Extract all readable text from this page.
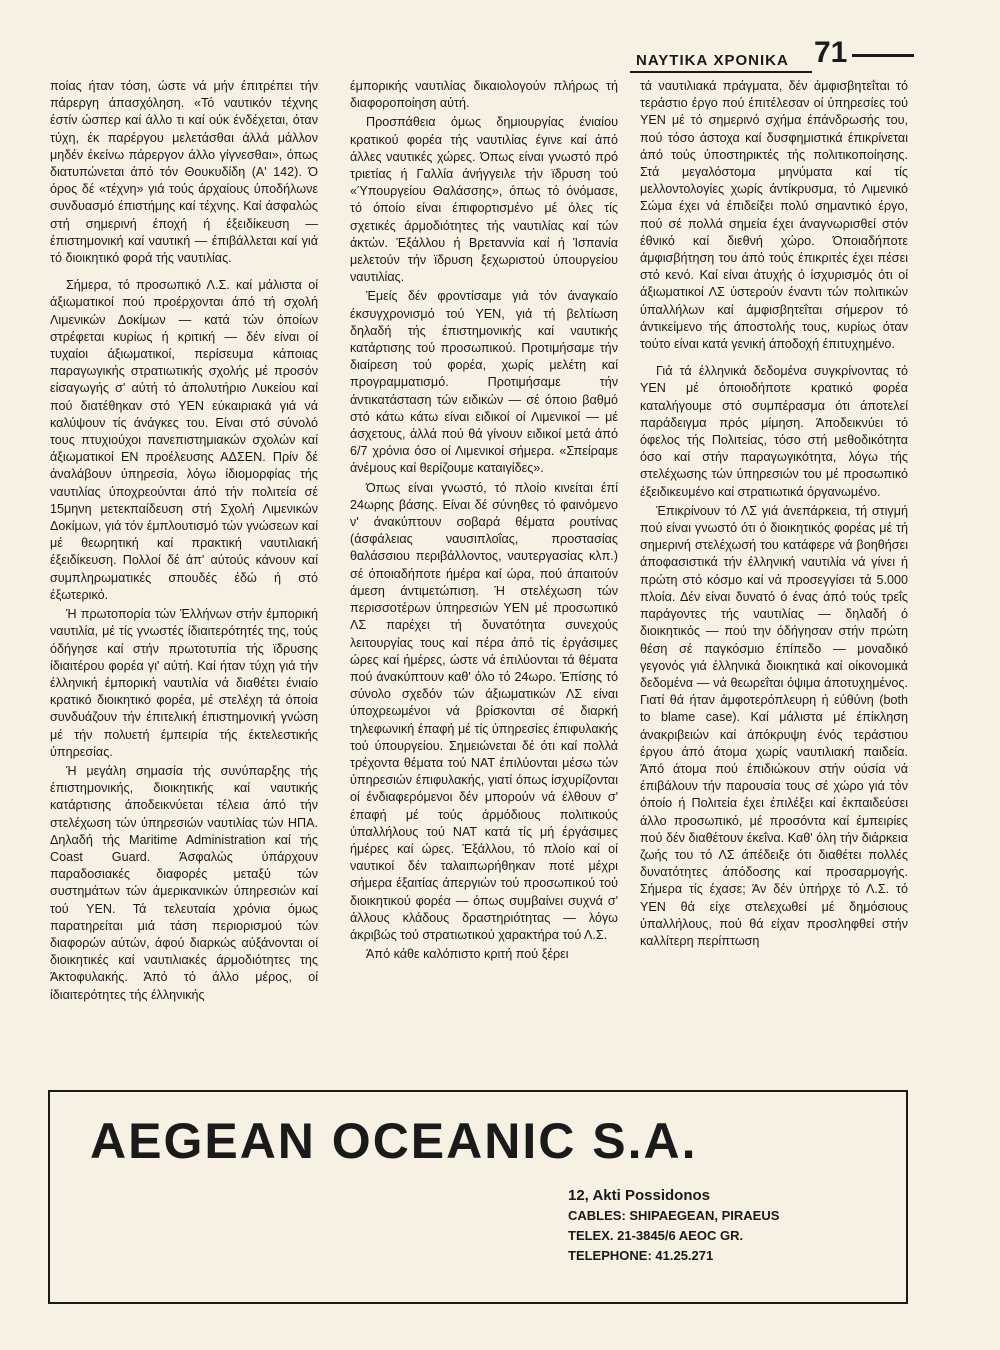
ΝΑΥΤΙΚΑ ΧΡΟΝΙΚΑ 71

ποίας ήταν τόση, ώστε νά μήν έπιτρέπει τήν πάρεργη άπασχόληση. «Τό ναυτικόν τέχνης έστίν ώσπερ καί άλλο τι καί ούκ ένδέχεται, όταν τύχη, έκ παρέργου μελετάσθαι άλλά μάλλον μηδέν έκείνω πάρεργον άλλο γίγνεσθαι», όπως διατυπώνεται άπό τόν Θουκυδίδη (Α' 142). Ό όρος δέ «τέχνη» γιά τούς άρχαίους ύποδήλωνε συνδυασμό έπιστήμης καί τέχνης. Καί άσφαλώς στή σημερινή έποχή ή έξειδίκευση — έπιστημονική καί ναυτική — έπιβάλλεται καί γιά τό διοικητικό φορά τής ναυτιλίας.

Σήμερα, τό προσωπικό Λ.Σ. καί μάλιστα οί άξιωματικοί πού προέρχονται άπό τή σχολή Λιμενικών Δοκίμων — κατά τών όποίων στρέφεται κυρίως ή κριτική — δέν είναι οί τυχαίοι άξιωματικοί, περίσευμα κάποιας παραγωγικής στρατιωτικής σχολής μέ προσόν είσαγωγής σ' αύτή τό άπολυτήριο Λυκείου καί πού διατέθηκαν στό ΥΕΝ εύκαιριακά γιά νά καλύψουν τίς άνάγκες του. Είναι στό σύνολό τους πτυχιούχοι πανεπιστημιακών σχολών καί άξιωματικοί ΕΝ προέλευσης ΑΔΣΕΝ. Πρίν δέ άναλάβουν ύπηρεσία, λόγω ίδιομορφίας τής ναυτιλίας ύποχρεούνται άπό τήν πολιτεία σέ 15μηνη μετεκπαίδευση στή Σχολή Λιμενικών Δοκίμων, γιά τόν έμπλουτισμό τών γνώσεων καί μέ θεωρητική καί πρακτική ναυτιλιακή έξειδίκευση. Πολλοί δέ άπ' αύτούς κάνουν καί συμπληρωματικές σπουδές έδώ ή στό έξωτερικό.

Ή πρωτοπορία τών Έλλήνων στήν έμπορική ναυτιλία, μέ τίς γνωστές ίδιαιτερότητές της, τούς όδήγησε καί στήν πρωτοτυπία τής ϊδρυσης ίδιαιτέρου φορέα γι' αύτή. Καί ήταν τύχη γιά τήν έλληνική έμπορική ναυτιλία νά διαθέτει ένιαίο κρατικό διοικητικό φορέα, μέ στελέχη τά όποία συνδυάζουν τήν έπιτελική έπιστημονική γνώση μέ τήν πολυετή έμπειρία τής έκτελεστικής ύπηρεσίας.

Ή μεγάλη σημασία τής συνύπαρξης τής έπιστημονικής, διοικητικής καί ναυτικής κατάρτισης άποδεικνύεται τέλεια άπό τήν στελέχωση τών ύπηρεσιών ναυτιλίας τών ΗΠΑ. Δηλαδή τής Maritime Administration καί τής Coast Guard. Άσφαλώς ύπάρχουν παραδοσιακές διαφορές μεταξύ τών συστημάτων τών άμερικανικών ύπηρεσιών καί τού ΥΕΝ. Τά τελευταία χρόνια όμως παρατηρείται μιά τάση περιορισμού τών διαφορών αύτών, άφού διαρκώς αύξάνονται οί διοικητικές καί ναυτιλιακές άρμοδιότητες της Άκτοφυλακής. Άπό τό άλλο μέρος, οί ίδιαιτερότητες τής έλληνικής

έμπορικής ναυτιλίας δικαιολογούν πλήρως τή διαφοροποίηση αύτή.

Προσπάθεια όμως δημιουργίας ένιαίου κρατικού φορέα τής ναυτιλίας έγινε καί άπό άλλες ναυτικές χώρες. Όπως είναι γνωστό πρό τριετίας ή Γαλλία άνήγγειλε τήν ϊδρυση τού «Ύπουργείου Θαλάσσης», όπως τό όνόμασε, τό όποίο είναι έπιφορτισμένο μέ όλες τίς σχετικές άρμοδιότητες τής ναυτιλίας καί τών άκτών. Έξάλλου ή Βρεταννία καί ή Ίσπανία μελετούν τήν ϊδρυση ξεχωριστού ύπουργείου ναυτιλίας.

Έμείς δέν φροντίσαμε γιά τόν άναγκαίο έκσυγχρονισμό τού ΥΕΝ, γιά τή βελτίωση δηλαδή τής έπιστημονικής καί ναυτικής κατάρτισης τού προσωπικού. Προτιμήσαμε τήν διαίρεση τού φορέα, χωρίς μελέτη καί προγραμματισμό. Προτιμήσαμε τήν άντικατάσταση τών ειδικών — σέ όποιο βαθμό στό κάτω κάτω είναι ειδικοί οί Λιμενικοί — μέ άσχετους, άλλά πού θά γίνουν ειδικοί μετά άπό 6/7 χρόνια όσο οί Λιμενικοί σήμερα. «Σπείραμε άνέμους καί θερίζουμε καταιγίδες».

Όπως είναι γνωστό, τό πλοίο κινείται έπί 24ωρης βάσης. Είναι δέ σύνηθες τό φαινόμενο ν' άνακύπτουν σοβαρά θέματα ρουτίνας (άσφάλειας ναυσιπλοΐας, προστασίας θαλάσσιου περιβάλλοντος, ναυτεργασίας κλπ.) σέ όποιαδήποτε ήμέρα καί ώρα, πού άπαιτούν άμεση άντιμετώπιση. Ή στελέχωση τών περισσοτέρων ύπηρεσιών ΥΕΝ μέ προσωπικό ΛΣ παρέχει τή δυνατότητα συνεχούς λειτουργίας τους καί πέρα άπό τίς έργάσιμες ώρες καί ήμέρες, ώστε νά έπιλύονται τά θέματα πού άνακύπτουν καθ' όλο τό 24ωρο. Έπίσης τό σύνολο σχεδόν τών άξιωματικών ΛΣ είναι ύποχρεωμένοι νά βρίσκονται σέ διαρκή τηλεφωνική έπαφή μέ τίς ύπηρεσίες έπιφυλακής τού ύπουργείου. Σημειώνεται δέ ότι καί πολλά τρέχοντα θέματα τού ΝΑΤ έπιλύονται μέσω τών ύπηρεσιών έπιφυλακής, γιατί όπως ίσχυρίζονται οί ένδιαφερόμενοι δέν μπορούν νά έλθουν σ' έπαφή μέ τούς άρμόδιους πολιτικούς ύπαλλήλους τού ΝΑΤ κατά τίς μή έργάσιμες ήμέρες καί ώρες. Έξάλλου, τό πλοίο καί οί ναυτικοί δέν ταλαιπωρήθηκαν ποτέ μέχρι σήμερα έξαιτίας άπεργιών τού προσωπικού τού διοικητικού φορέα — όπως συμβαίνει συχνά σ' άλλους κλάδους δραστηριότητας — λόγω άκριβώς τού στρατιωτικού χαρακτήρα τού Λ.Σ.

Άπό κάθε καλόπιστο κριτή πού ξέρει

τά ναυτιλιακά πράγματα, δέν άμφισβητεΐται τό τεράστιο έργο πού έπιτέλεσαν οί ύπηρεσίες τού ΥΕΝ μέ τό σημερινό σχήμα έπάνδρωσής του, πού τόσο άστοχα καί δυσφημιστικά έπικρίνεται άπό τούς ύποστηρικτές τής πολιτικοποίησης. Στά μεγαλόστομα μηνύματα καί τίς μελλοντολογίες χωρίς άντίκρυσμα, τό Λιμενικό Σώμα έχει νά έπιδείξει πολύ σημαντικό έργο, πού σέ πολλά σημεία έχει άναγνωρισθεί στόν έθνικό καί διεθνή χώρο. Όποιαδήποτε άμφισβήτηση του άπό τούς έπικριτές έχει πέσει στό κενό. Καί είναι άτυχής ό ίσχυρισμός ότι οί άξιωματικοί ΛΣ ύστερούν έναντι τών πολιτικών ύπαλλήλων καί άμφισβητεΐται σήμερον τό άντικείμενο τής άποστολής τους, κυρίως όταν τούτο είναι κατά γενική άποδοχή έπιτυχημένο.

Γιά τά έλληνικά δεδομένα συγκρίνοντας τό ΥΕΝ μέ όποιοδήποτε κρατικό φορέα καταλήγουμε στό συμπέρασμα ότι άποτελεί παράδειγμα πρός μίμηση. Άποδεικνύει τό όφελος τής Πολιτείας, τόσο στή μεθοδικότητα όσο καί στήν παραγωγικότητα, λόγω τής στελέχωσης τών ύπηρεσιών του μέ προσωπικό έξειδικευμένο καί στρατιωτικά όργανωμένο.

Έπικρίνουν τό ΛΣ γιά άνεπάρκεια, τή στιγμή πού είναι γνωστό ότι ό διοικητικός φορέας μέ τή σημερινή στελέχωσή του κατάφερε νά βοηθήσει άποφασιστικά τήν έλληνική ναυτιλία νά γίνει ή πρώτη στό κόσμο καί νά προσεγγίσει τά 5.000 πλοία. Δέν είναι δυνατό ό ένας άπό τούς τρεΐς παράγοντες τής ναυτιλίας — δηλαδή ό διοικητικός — πού την όδήγησαν στήν πρώτη θέση σέ παγκόσμιο έπίπεδο — μοναδικό γεγονός γιά έλληνικά διοικητικά καί οίκονομικά δεδομένα — νά θεωρεΐται όψιμα άποτυχημένος. Γιατί θά ήταν άμφοτερόπλευρη ή εύθύνη (both to blame case). Καί μάλιστα μέ έπίκληση άνακριβειών καί άπόκρυψη ένός τεράστιου έργου άπό άτομα χωρίς ναυτιλιακή παιδεία. Άπό άτομα πού έπιδιώκουν στήν ούσία νά έπιβάλουν τήν παρουσία τους σέ χώρο γιά τόν όποίο ή Πολιτεία έχει έπιλέξει καί έκπαιδεύσει άλλο προσωπικό, μέ προσόντα καί έμπειρίες πού δέν διαθέτουν έκεΐνα. Καθ' όλη τήν διάρκεια ζωής του τό ΛΣ άπέδειξε ότι διαθέτει πολλές δυνατότητες άπόδοσης καί προσαρμογής. Σήμερα τίς έχασε; Άν δέν ύπήρχε τό Λ.Σ. τό ΥΕΝ θά είχε στελεχωθεί μέ δημόσιους ύπαλλήλους, πού θά είχαν προσληφθεί στήν καλλίτερη περίπτωση

AEGEAN OCEANIC S.A.
12, Akti Possidonos
CABLES: SHIPAEGEAN, PIRAEUS
TELEX. 21-3845/6 AEOC GR.
TELEPHONE: 41.25.271
